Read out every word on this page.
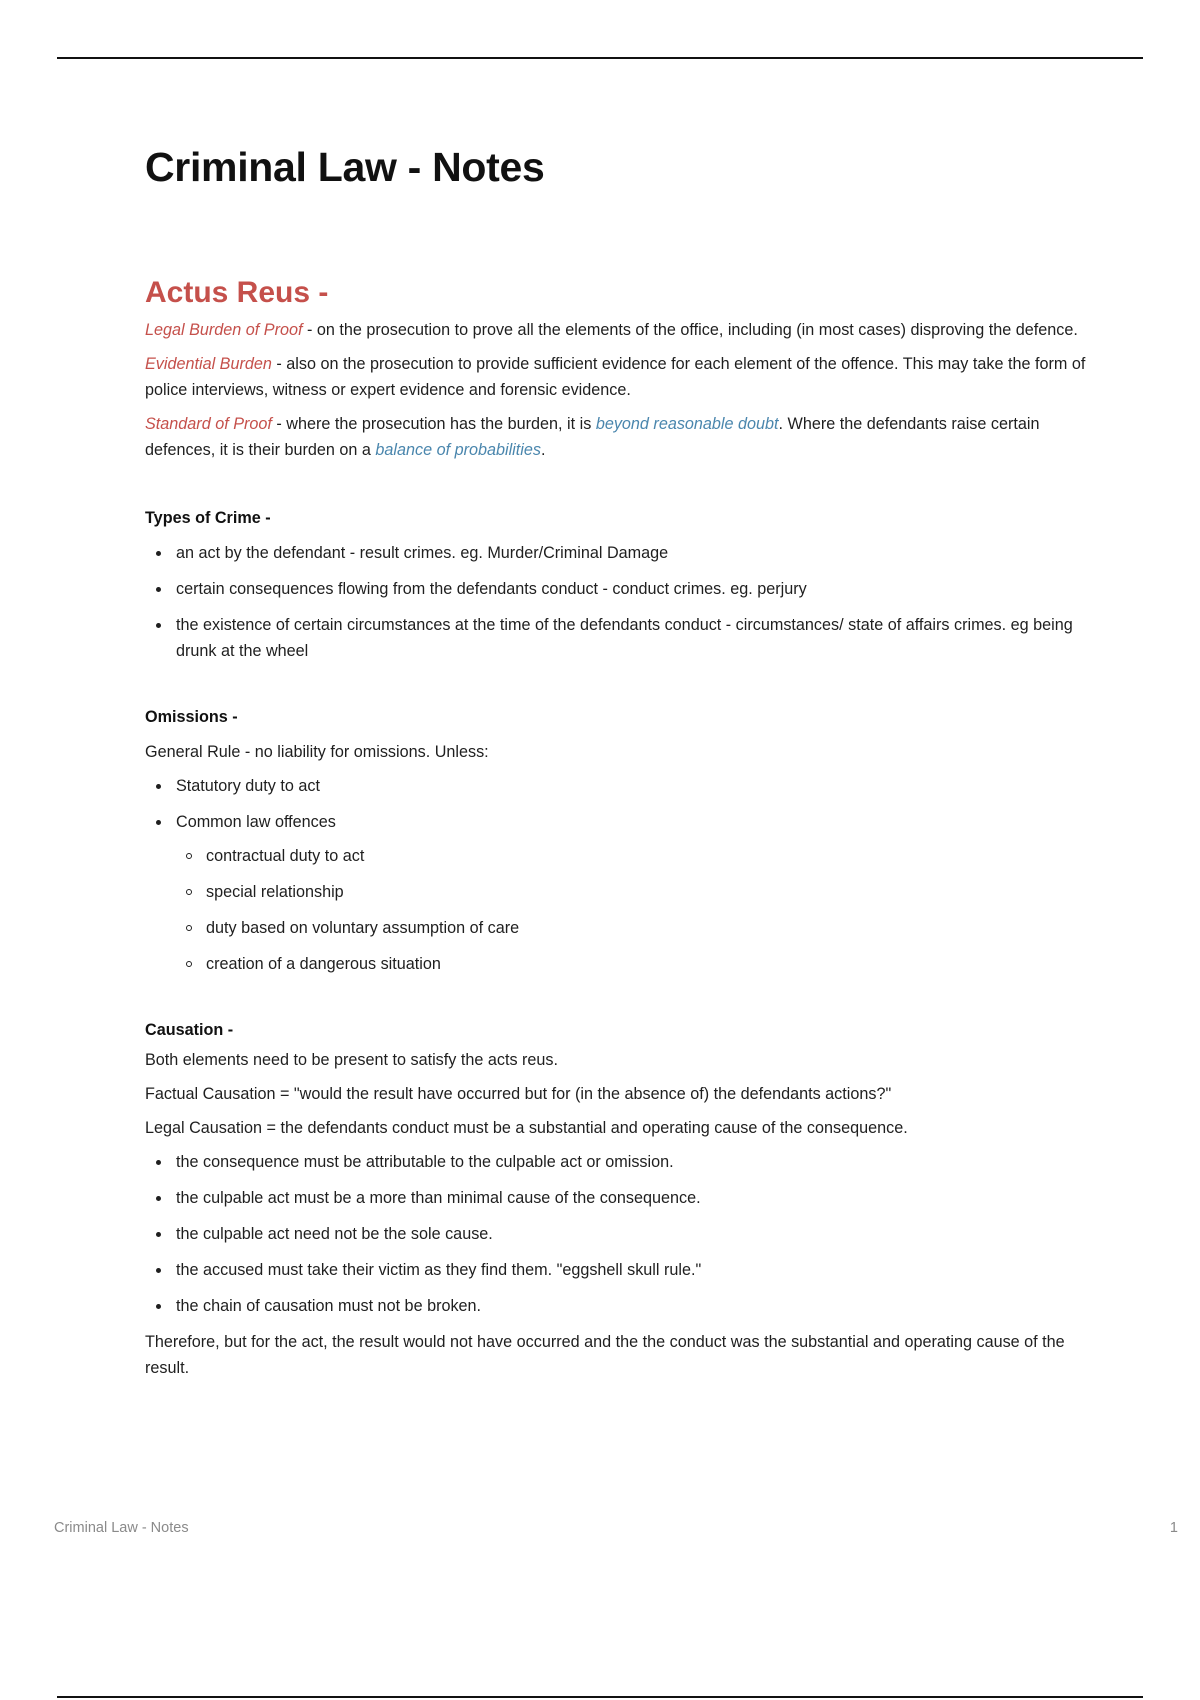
Criminal Law - Notes
Actus Reus -

Legal Burden of Proof - on the prosecution to prove all the elements of the office, including (in most cases) disproving the defence.

Evidential Burden - also on the prosecution to provide sufficient evidence for each element of the offence. This may take the form of police interviews, witness or expert evidence and forensic evidence.

Standard of Proof - where the prosecution has the burden, it is beyond reasonable doubt. Where the defendants raise certain defences, it is their burden on a balance of probabilities.

Types of Crime -
an act by the defendant - result crimes. eg. Murder/Criminal Damage
certain consequences flowing from the defendants conduct - conduct crimes. eg. perjury
the existence of certain circumstances at the time of the defendants conduct - circumstances/ state of affairs crimes. eg being drunk at the wheel
Omissions -

General Rule - no liability for omissions. Unless:

Statutory duty to act
Common law offences
contractual duty to act
special relationship
duty based on voluntary assumption of care
creation of a dangerous situation
Causation -

Both elements need to be present to satisfy the acts reus.

Factual Causation = "would the result have occurred but for (in the absence of) the defendants actions?"

Legal Causation = the defendants conduct must be a substantial and operating cause of the consequence.

the consequence must be attributable to the culpable act or omission.
the culpable act must be a more than minimal cause of the consequence.
the culpable act need not be the sole cause.
the accused must take their victim as they find them. "eggshell skull rule."
the chain of causation must not be broken.

Therefore, but for the act, the result would not have occurred and the the conduct was the substantial and operating cause of the result.

Criminal Law - Notes	1
